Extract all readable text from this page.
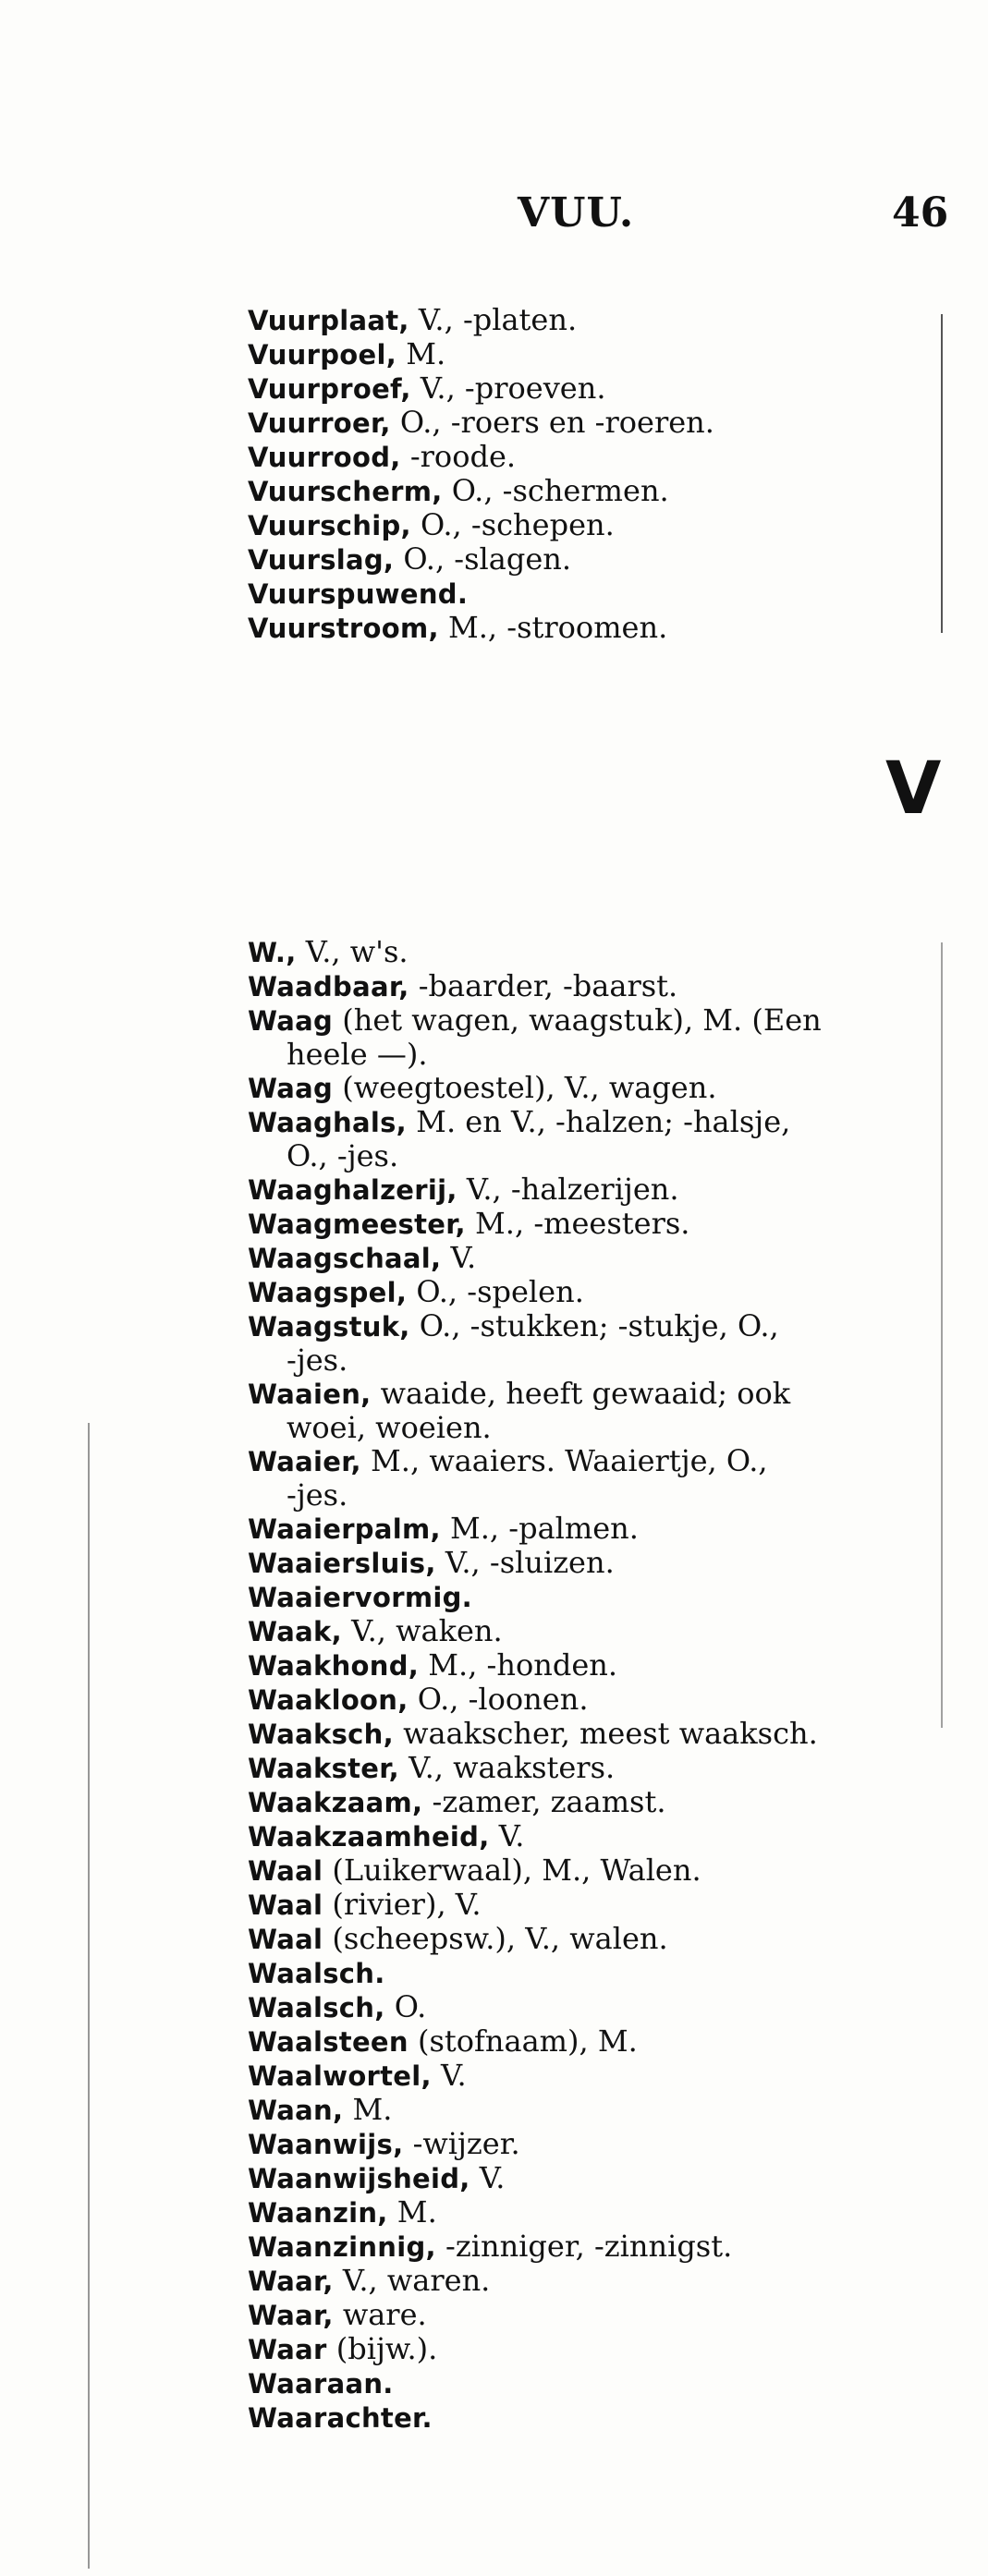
VUU.	46
Vuurplaat, V., -platen.
Vuurpoel, M.
Vuurproef, V., -proeven.
Vuurroer, O., -roers en -roeren.
Vuurrood, -roode.
Vuurscherm, O., -schermen.
Vuurschip, O., -schepen.
Vuurslag, O., -slagen.
Vuurspuwend.
Vuurstroom, M., -stroomen.
V
W., V., w's.
Waadbaar, -baarder, -baarst.
Waag (het wagen, waagstuk), M. (Een
heele —).
Waag (weegtoestel), V., wagen.
Waaghals, M. en V., -halzen; -halsje,
O., -jes.
Waaghalzerij, V., -halzerijen.
Waagmeester, M., -meesters.
Waagschaal, V.
Waagspel, O., -spelen.
Waagstuk, O., -stukken; -stukje, O.,
-jes.
Waaien, waaide, heeft gewaaid; ook
woei, woeien.
Waaier, M., waaiers. Waaiertje, O.,
-jes.
Waaierpalm, M., -palmen.
Waaiersluis, V., -sluizen.
Waaiervormig.
Waak, V., waken.
Waakhond, M., -honden.
Waakloon, O., -loonen.
Waaksch, waakscher, meest waaksch.
Waakster, V., waaksters.
Waakzaam, -zamer, zaamst.
Waakzaamheid, V.
Waal (Luikerwaal), M., Walen.
Waal (rivier), V.
Waal (scheepsw.), V., walen.
Waalsch.
Waalsch, O.
Waalsteen (stofnaam), M.
Waalwortel, V.
Waan, M.
Waanwijs, -wijzer.
Waanwijsheid, V.
Waanzin, M.
Waanzinnig, -zinniger, -zinnigst.
Waar, V., waren.
Waar, ware.
Waar (bijw.).
Waaraan.
Waarachter.
